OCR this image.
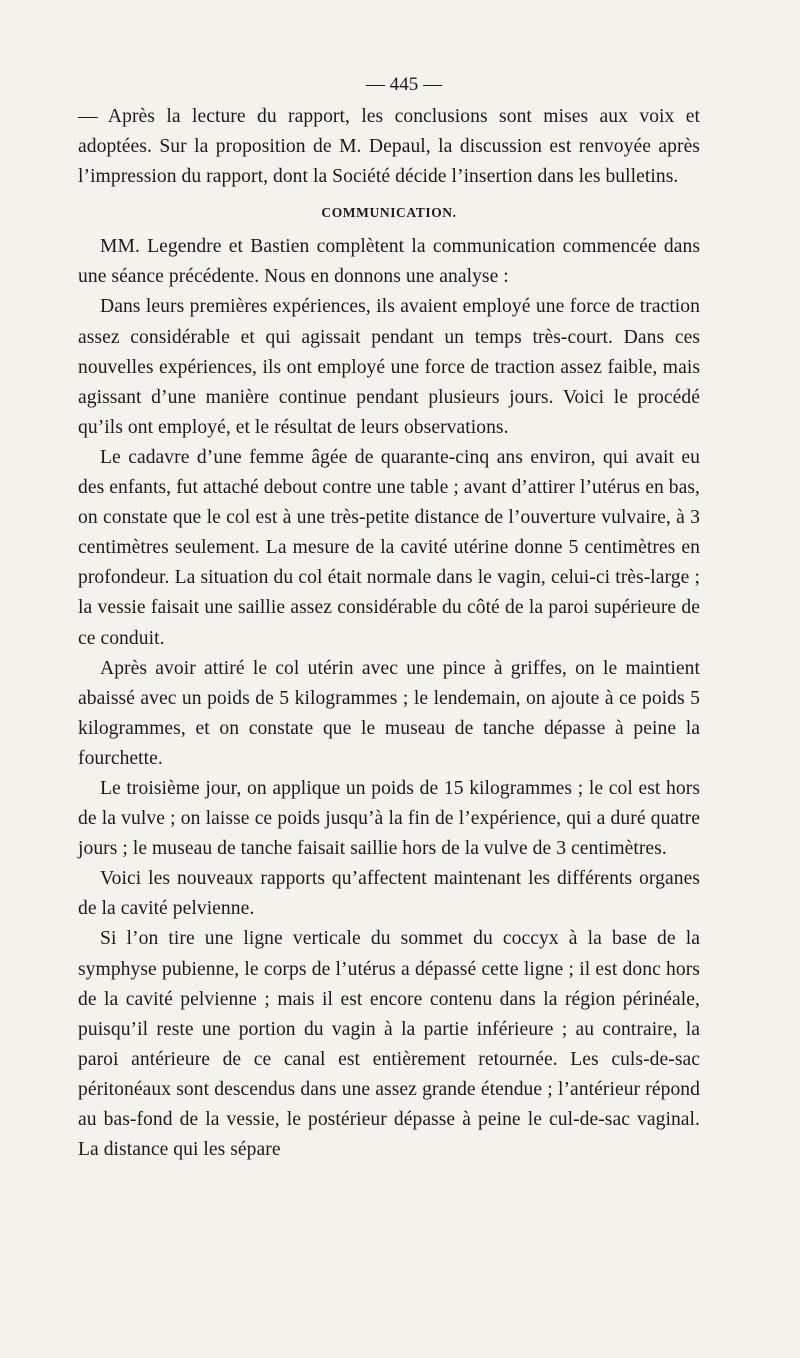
— 445 —

— Après la lecture du rapport, les conclusions sont mises aux voix et adoptées. Sur la proposition de M. Depaul, la discussion est renvoyée après l’impression du rapport, dont la Société décide l’insertion dans les bulletins.

COMMUNICATION.

MM. Legendre et Bastien complètent la communication commencée dans une séance précédente. Nous en donnons une analyse :

Dans leurs premières expériences, ils avaient employé une force de traction assez considérable et qui agissait pendant un temps très-court. Dans ces nouvelles expériences, ils ont employé une force de traction assez faible, mais agissant d’une manière continue pendant plusieurs jours. Voici le procédé qu’ils ont employé, et le résultat de leurs observations.

Le cadavre d’une femme âgée de quarante-cinq ans environ, qui avait eu des enfants, fut attaché debout contre une table ; avant d’attirer l’utérus en bas, on constate que le col est à une très-petite distance de l’ouverture vulvaire, à 3 centimètres seulement. La mesure de la cavité utérine donne 5 centimètres en profondeur. La situation du col était normale dans le vagin, celui-ci très-large ; la vessie faisait une saillie assez considérable du côté de la paroi supérieure de ce conduit.

Après avoir attiré le col utérin avec une pince à griffes, on le maintient abaissé avec un poids de 5 kilogrammes ; le lendemain, on ajoute à ce poids 5 kilogrammes, et on constate que le museau de tanche dépasse à peine la fourchette.

Le troisième jour, on applique un poids de 15 kilogrammes ; le col est hors de la vulve ; on laisse ce poids jusqu’à la fin de l’expérience, qui a duré quatre jours ; le museau de tanche faisait saillie hors de la vulve de 3 centimètres.

Voici les nouveaux rapports qu’affectent maintenant les différents organes de la cavité pelvienne.

Si l’on tire une ligne verticale du sommet du coccyx à la base de la symphyse pubienne, le corps de l’utérus a dépassé cette ligne ; il est donc hors de la cavité pelvienne ; mais il est encore contenu dans la région périnéale, puisqu’il reste une portion du vagin à la partie inférieure ; au contraire, la paroi antérieure de ce canal est entièrement retournée. Les culs-de-sac péritonéaux sont descendus dans une assez grande étendue ; l’antérieur répond au bas-fond de la vessie, le postérieur dépasse à peine le cul-de-sac vaginal. La distance qui les sépare
